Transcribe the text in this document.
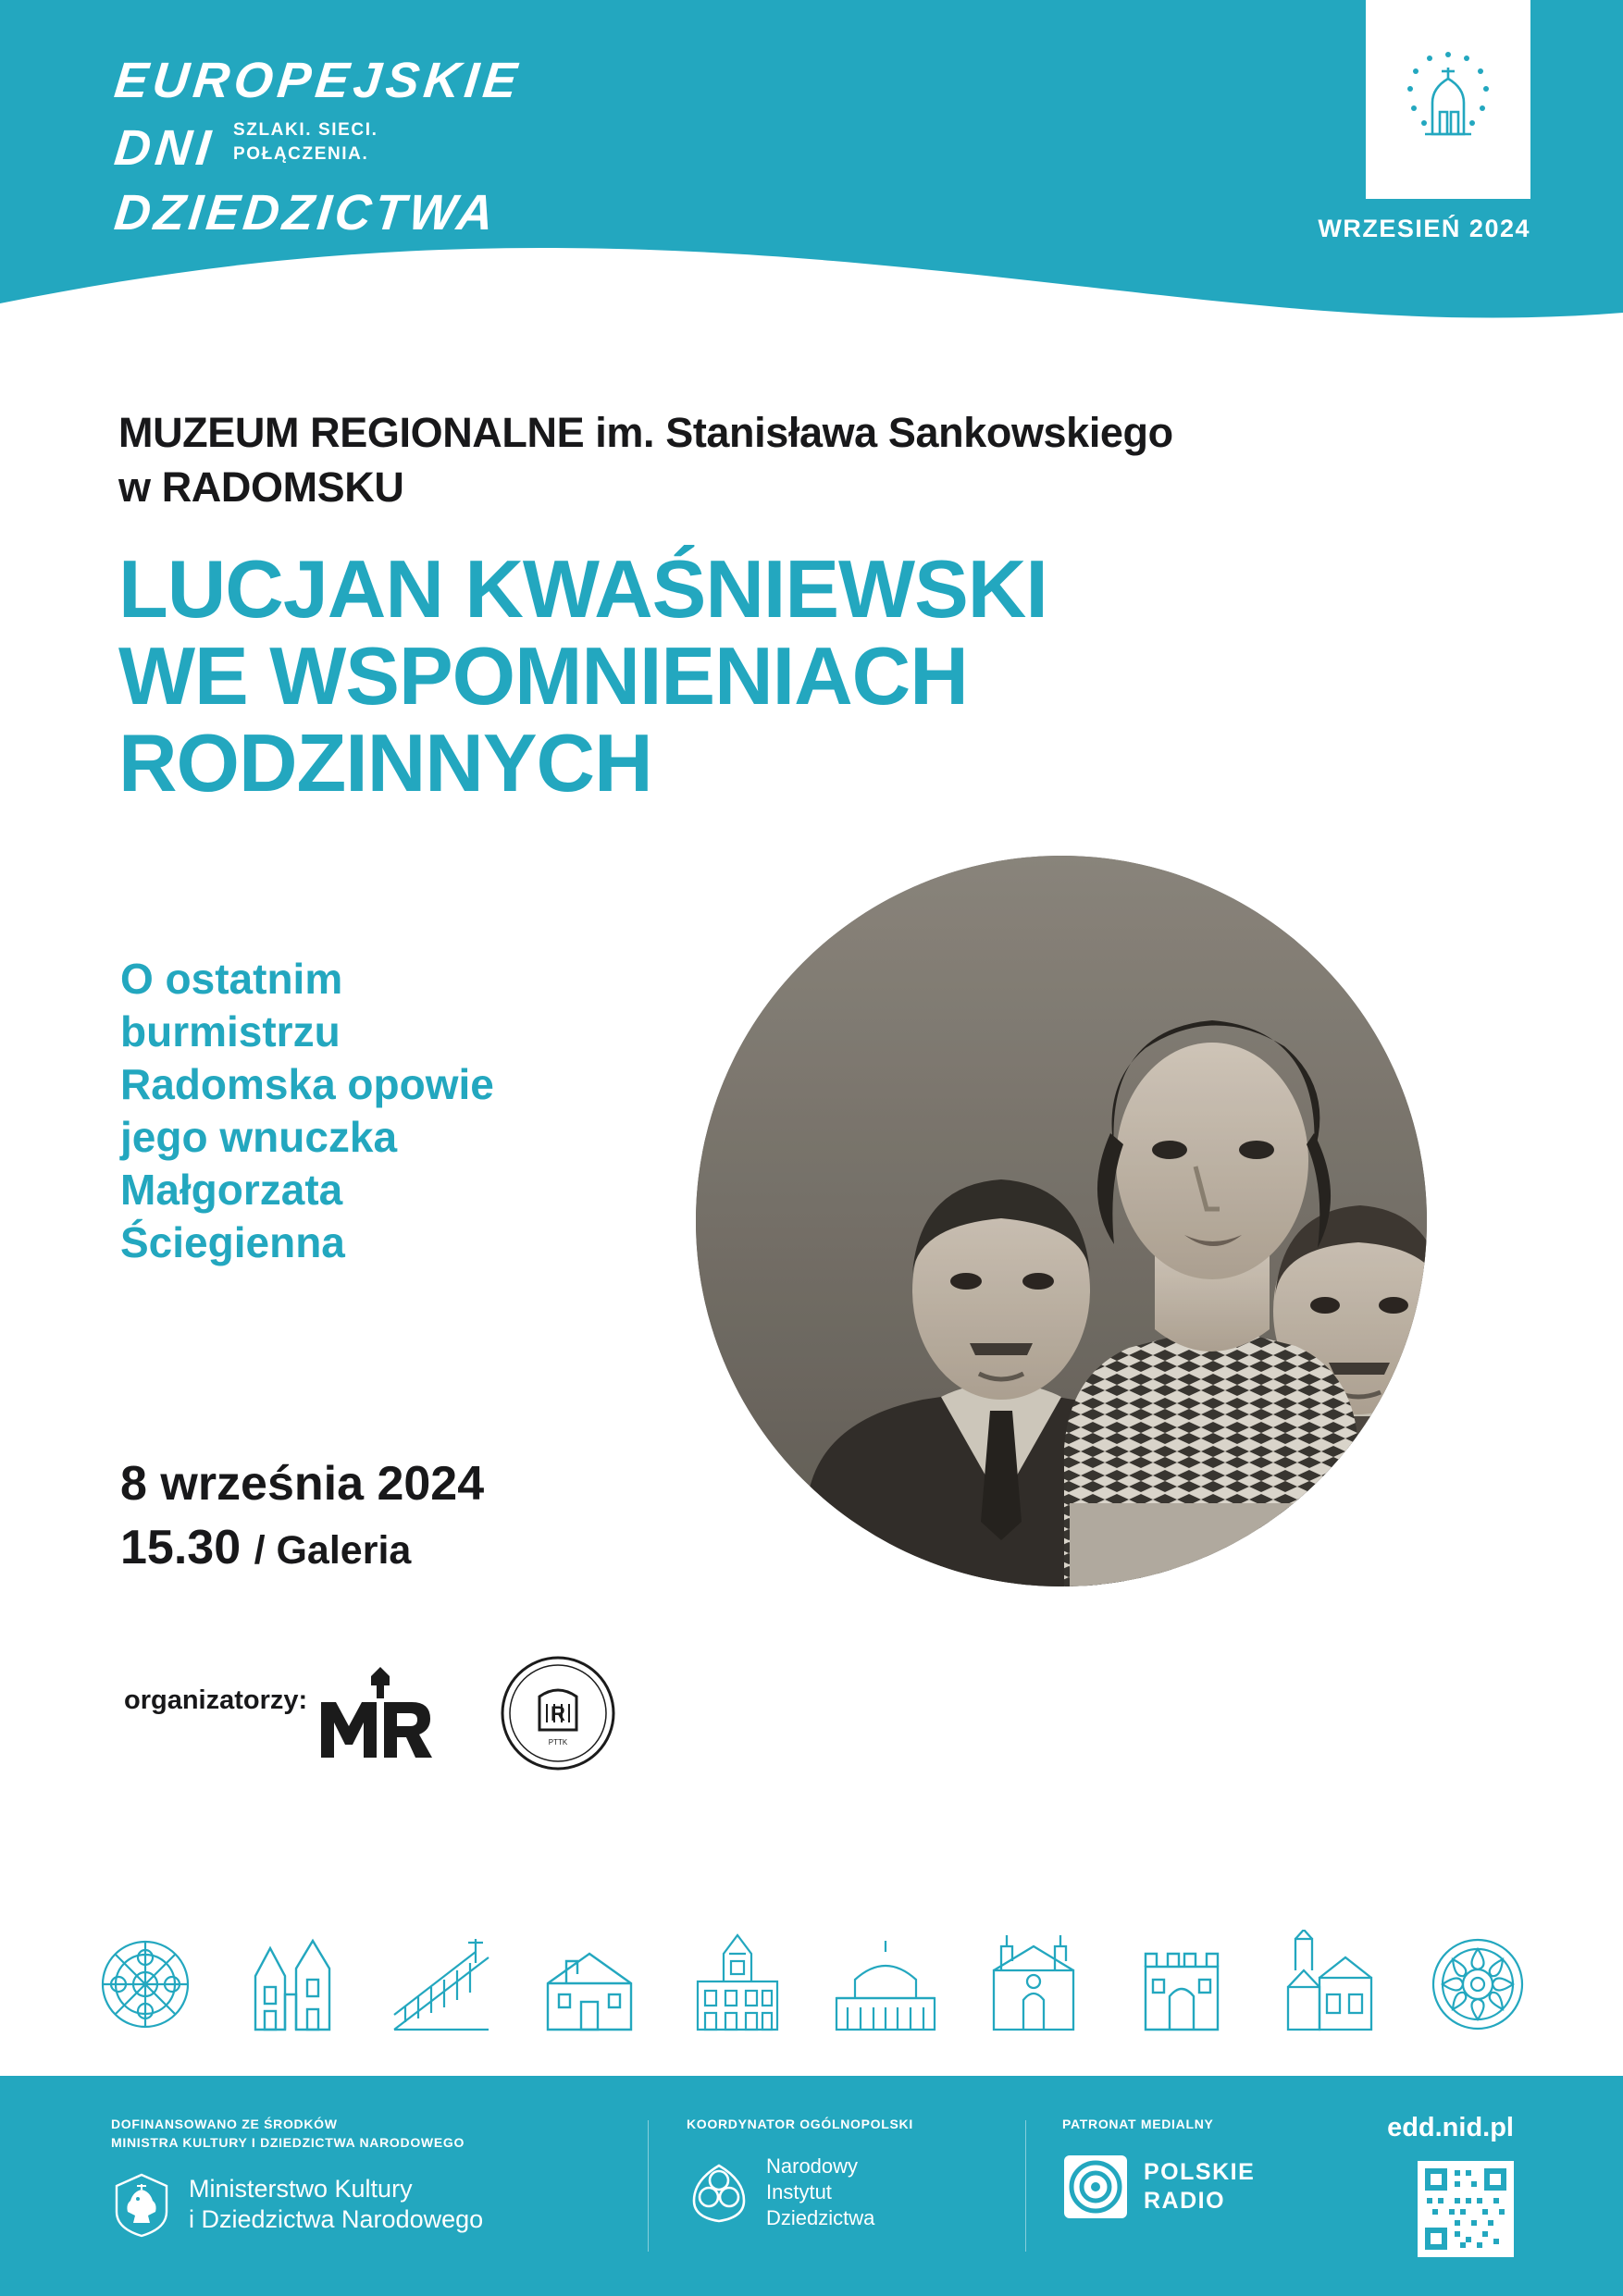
EUROPEJSKIE
DNI SZLAKI. SIECI.
POŁĄCZENIA.
DZIEDZICTWA	WRZESIEŃ 2024
MUZEUM REGIONALNE im. Stanisława Sankowskiego
w RADOMSKU
LUCJAN KWAŚNIEWSKI
WE WSPOMNIENIACH
RODZINNYCH
O ostatnim burmistrzu Radomska opowie jego wnuczka Małgorzata Ściegienna
8 września 2024
15.30 / Galeria
organizatorzy:	R
PTTK
DOFINANSOWANO ZE ŚRODKÓW
MINISTRA KULTURY I DZIEDZICTWA NARODOWEGO
Ministerstwo Kultury
i Dziedzictwa Narodowego
KOORDYNATOR OGÓLNOPOLSKI
Narodowy
Instytut
Dziedzictwa
PATRONAT MEDIALNY
POLSKIE
RADIO
edd.nid.pl
